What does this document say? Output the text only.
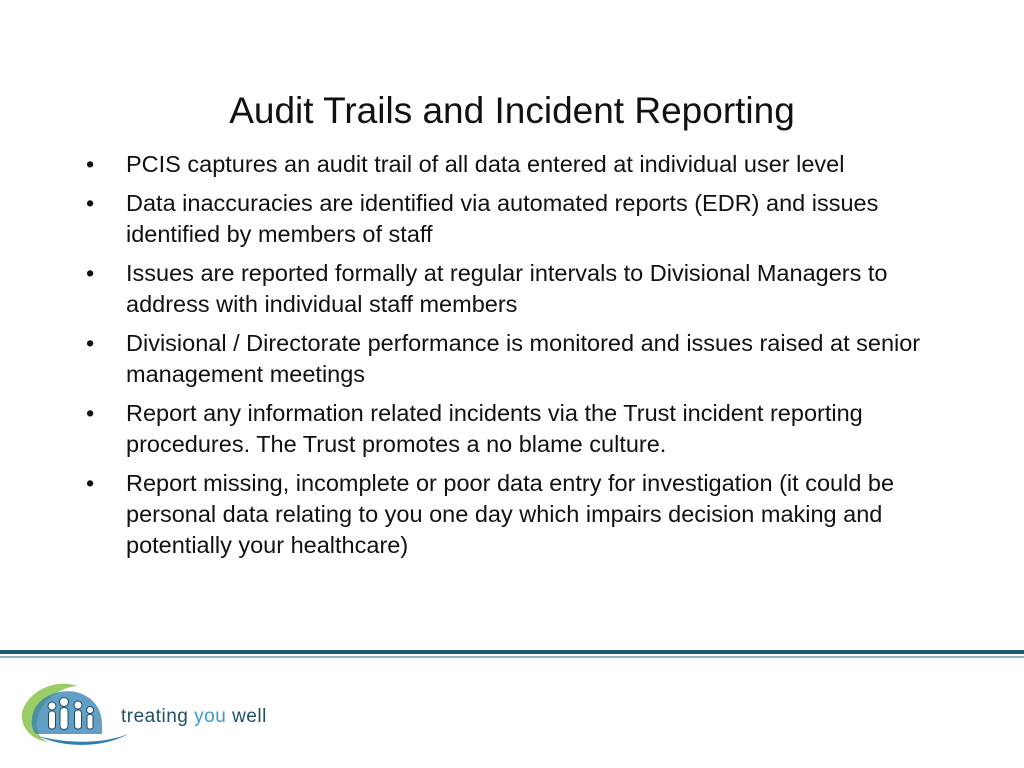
Audit Trails and Incident Reporting
•	PCIS captures an audit trail of all data entered at individual user level
•	Data inaccuracies are identified via automated reports (EDR) and issues identified by members of staff
•	Issues are reported formally at regular intervals to Divisional Managers to address with individual staff members
•	Divisional / Directorate performance is monitored and issues raised at senior management meetings
•	Report any information related incidents via the Trust incident reporting procedures. The Trust promotes a no blame culture.
•	Report missing, incomplete or poor data entry for investigation (it could be personal data relating to you one day which impairs decision making and potentially your healthcare)
treating you well
